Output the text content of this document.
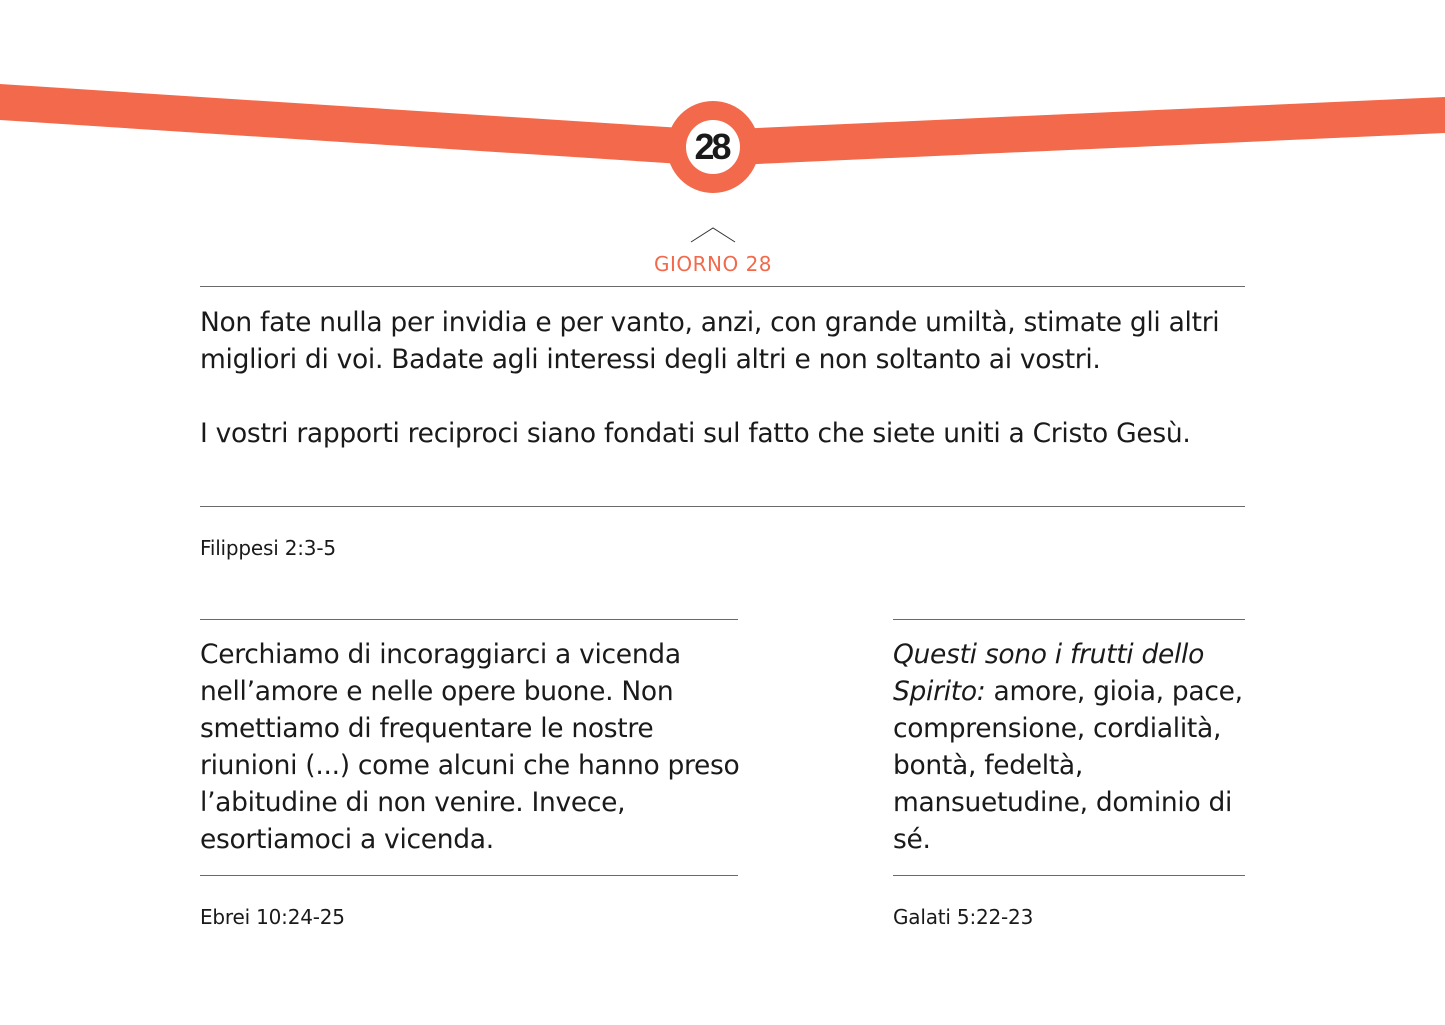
28
GIORNO 28

Non fate nulla per invidia e per vanto, anzi, con grande umiltà, stimate gli altri migliori di voi. Badate agli interessi degli altri e non soltanto ai vostri.

I vostri rapporti reciproci siano fondati sul fatto che siete uniti a Cristo Gesù.

Filippesi 2:3-5

Cerchiamo di incoraggiarci a vicenda nell’amore e nelle opere buone. Non smettiamo di frequentare le nostre riunioni (...) come alcuni che hanno preso l’abitudine di non venire. Invece, esortiamoci a vicenda.

Questi sono i frutti dello Spirito: amore, gioia, pace, comprensione, cordialità, bontà, fedeltà, mansuetudine, dominio di sé.

Ebrei 10:24-25	Galati 5:22-23
